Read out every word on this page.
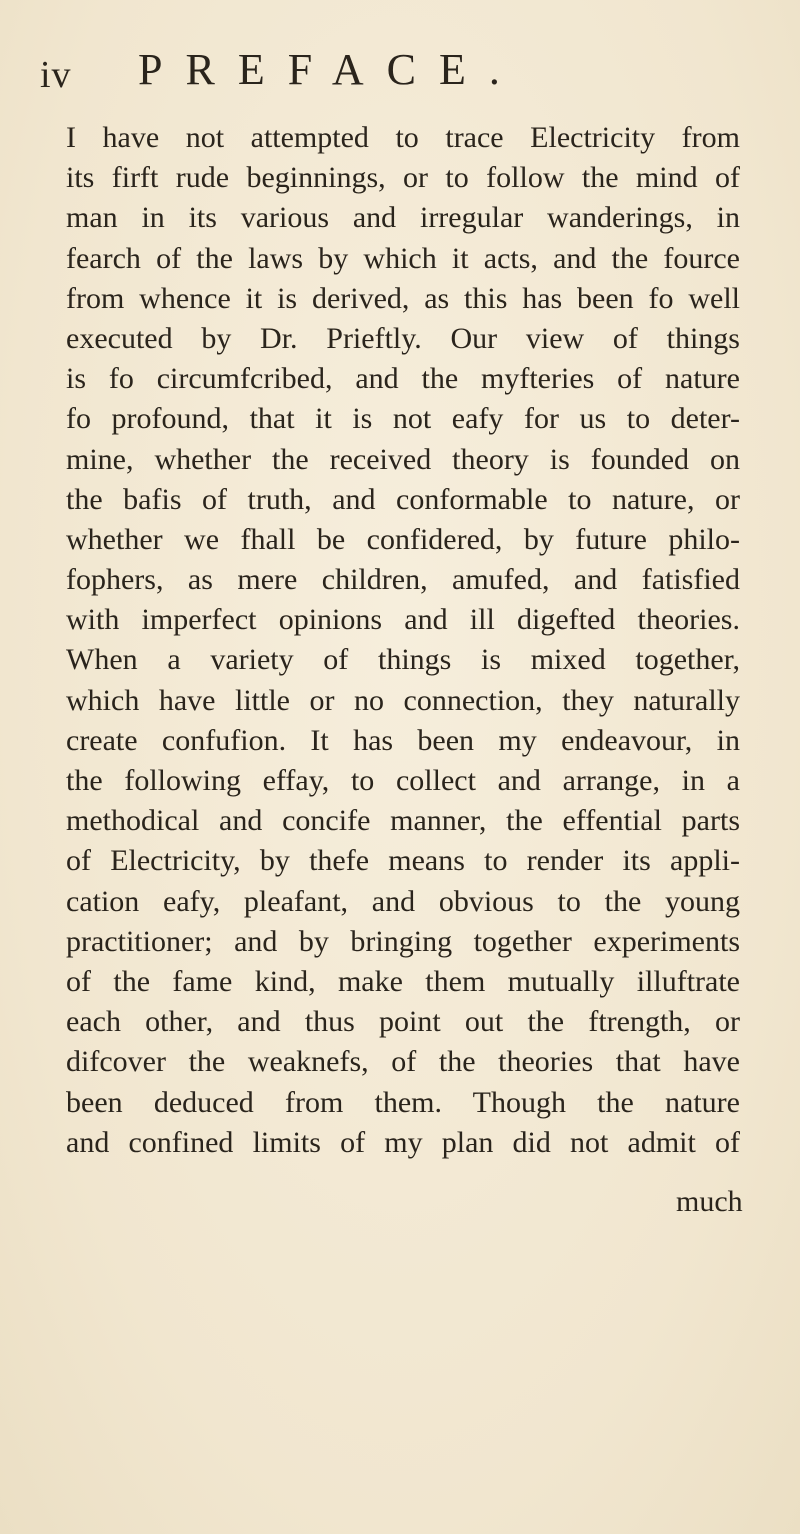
iv PREFACE.
I have not attempted to trace Electricity from
its firft rude beginnings, or to follow the mind of
man in its various and irregular wanderings, in
fearch of the laws by which it acts, and the fource
from whence it is derived, as this has been fo well
executed by Dr. Prieftly. Our view of things
is fo circumfcribed, and the myfteries of nature
fo profound, that it is not eafy for us to deter-
mine, whether the received theory is founded on
the bafis of truth, and conformable to nature, or
whether we fhall be confidered, by future philo-
fophers, as mere children, amufed, and fatisfied
with imperfect opinions and ill digefted theories.
When a variety of things is mixed together,
which have little or no connection, they naturally
create confufion. It has been my endeavour, in
the following effay, to collect and arrange, in a
methodical and concife manner, the effential parts
of Electricity, by thefe means to render its appli-
cation eafy, pleafant, and obvious to the young
practitioner; and by bringing together experiments
of the fame kind, make them mutually illuftrate
each other, and thus point out the ftrength, or
difcover the weaknefs, of the theories that have
been deduced from them. Though the nature
and confined limits of my plan did not admit of
much
